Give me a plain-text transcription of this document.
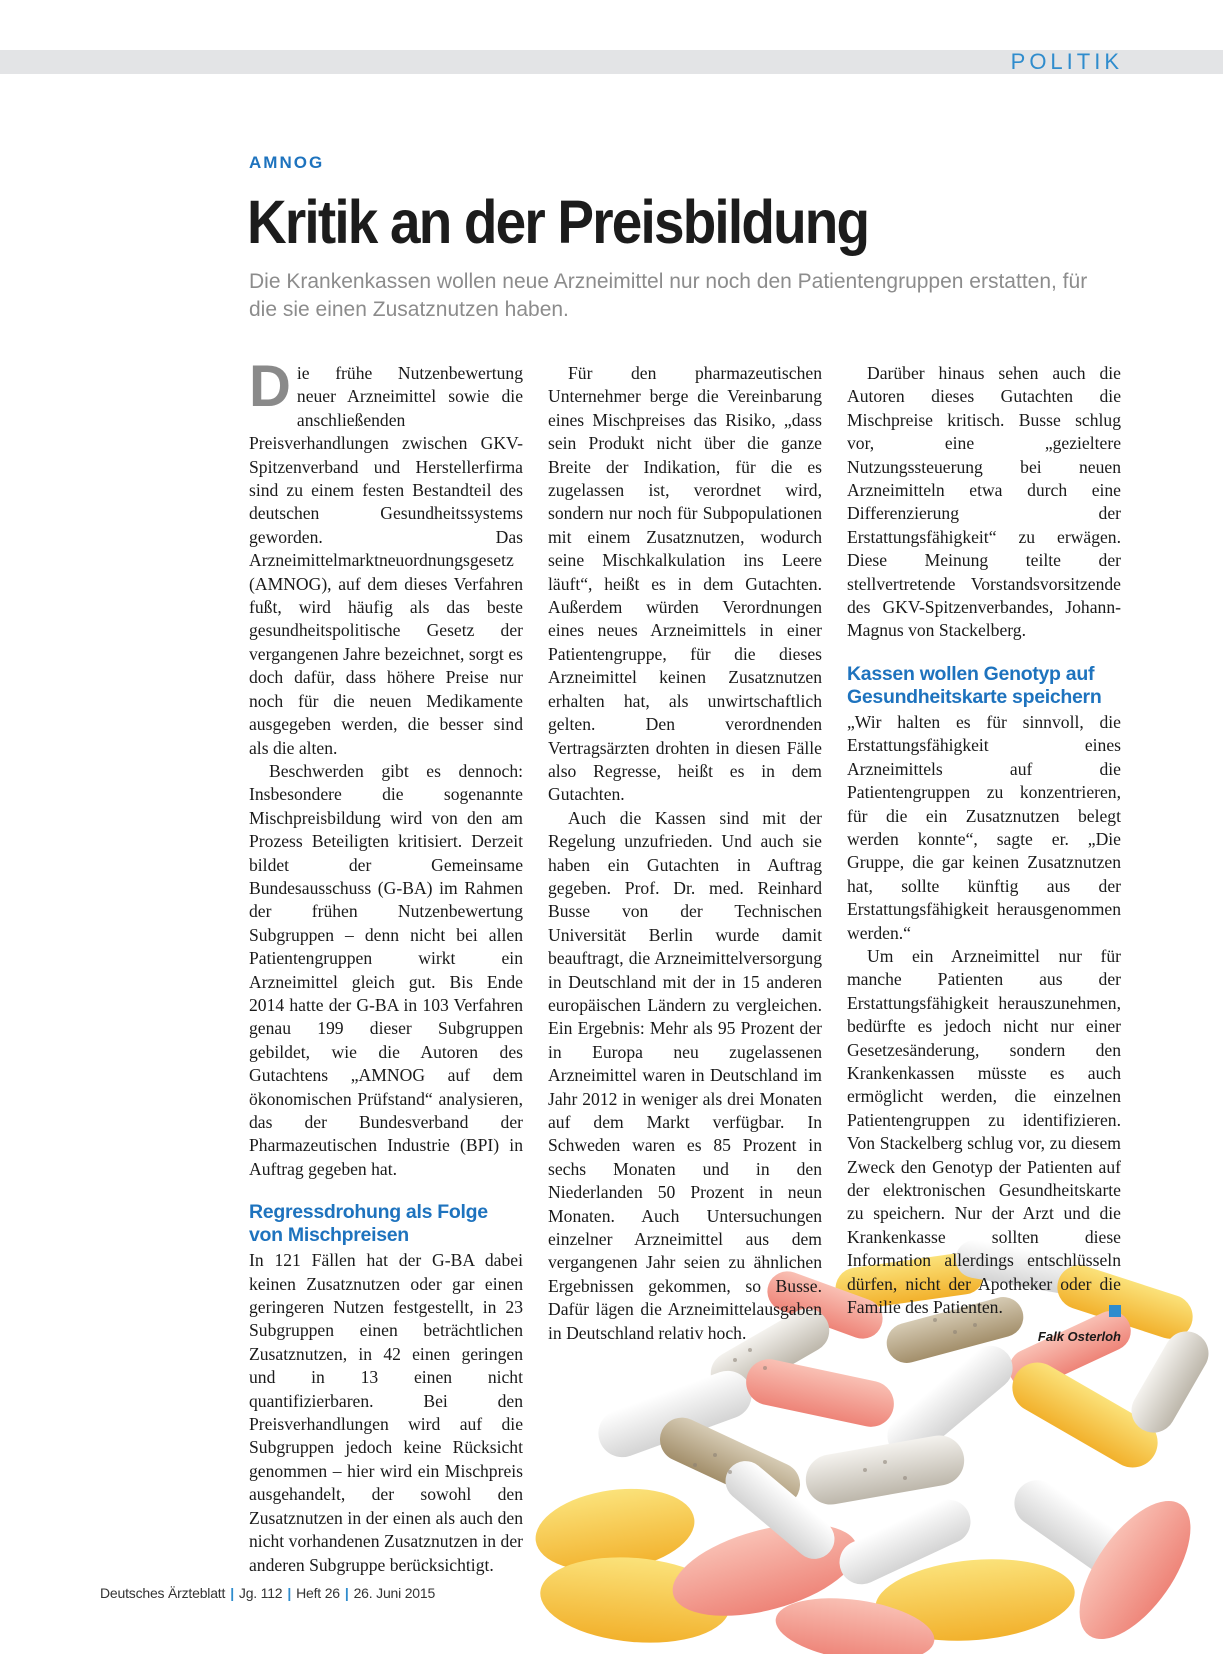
POLITIK
AMNOG
Kritik an der Preisbildung

Die Krankenkassen wollen neue Arzneimittel nur noch den Patientengruppen erstatten, für die sie einen Zusatznutzen haben.

Die frühe Nutzenbewertung neuer Arzneimittel sowie die anschließenden Preisverhandlungen zwischen GKV-Spitzenverband und Herstellerfirma sind zu einem festen Bestandteil des deutschen Gesundheitssystems geworden. Das Arzneimittelmarktneuordnungsgesetz (AMNOG), auf dem dieses Verfahren fußt, wird häufig als das beste gesundheitspolitische Gesetz der vergangenen Jahre bezeichnet, sorgt es doch dafür, dass höhere Preise nur noch für die neuen Medikamente ausgegeben werden, die besser sind als die alten.

Beschwerden gibt es dennoch: Insbesondere die sogenannte Mischpreisbildung wird von den am Prozess Beteiligten kritisiert. Derzeit bildet der Gemeinsame Bundesausschuss (G-BA) im Rahmen der frühen Nutzenbewertung Subgruppen – denn nicht bei allen Patientengruppen wirkt ein Arzneimittel gleich gut. Bis Ende 2014 hatte der G-BA in 103 Verfahren genau 199 dieser Subgruppen gebildet, wie die Autoren des Gutachtens „AMNOG auf dem ökonomischen Prüfstand“ analysieren, das der Bundesverband der Pharmazeutischen Industrie (BPI) in Auftrag gegeben hat.

Regressdrohung als Folge von Mischpreisen

In 121 Fällen hat der G-BA dabei keinen Zusatznutzen oder gar einen geringeren Nutzen festgestellt, in 23 Subgruppen einen beträchtlichen Zusatznutzen, in 42 einen geringen und in 13 einen nicht quantifizierbaren. Bei den Preisverhandlungen wird auf die Subgruppen jedoch keine Rücksicht genommen – hier wird ein Mischpreis ausgehandelt, der sowohl den Zusatznutzen in der einen als auch den nicht vorhandenen Zusatznutzen in der anderen Subgruppe berücksichtigt.

Für den pharmazeutischen Unternehmer berge die Vereinbarung eines Mischpreises das Risiko, „dass sein Produkt nicht über die ganze Breite der Indikation, für die es zugelassen ist, verordnet wird, sondern nur noch für Subpopulationen mit einem Zusatznutzen, wodurch seine Mischkalkulation ins Leere läuft“, heißt es in dem Gutachten. Außerdem würden Verordnungen eines neues Arzneimittels in einer Patientengruppe, für die dieses Arzneimittel keinen Zusatznutzen erhalten hat, als unwirtschaftlich gelten. Den verordnenden Vertragsärzten drohten in diesen Fälle also Regresse, heißt es in dem Gutachten.

Auch die Kassen sind mit der Regelung unzufrieden. Und auch sie haben ein Gutachten in Auftrag gegeben. Prof. Dr. med. Reinhard Busse von der Technischen Universität Berlin wurde damit beauftragt, die Arzneimittelversorgung in Deutschland mit der in 15 anderen europäischen Ländern zu vergleichen. Ein Ergebnis: Mehr als 95 Prozent der in Europa neu zugelassenen Arzneimittel waren in Deutschland im Jahr 2012 in weniger als drei Monaten auf dem Markt verfügbar. In Schweden waren es 85 Prozent in sechs Monaten und in den Niederlanden 50 Prozent in neun Monaten. Auch Untersuchungen einzelner Arzneimittel aus dem vergangenen Jahr seien zu ähnlichen Ergebnissen gekommen, so Busse. Dafür lägen die Arzneimittelausgaben in Deutschland relativ hoch.

Darüber hinaus sehen auch die Autoren dieses Gutachten die Mischpreise kritisch. Busse schlug vor, eine „gezieltere Nutzungssteuerung bei neuen Arzneimitteln etwa durch eine Differenzierung der Erstattungsfähigkeit“ zu erwägen. Diese Meinung teilte der stellvertretende Vorstandsvorsitzende des GKV-Spitzenverbandes, Johann-Magnus von Stackelberg.

Kassen wollen Genotyp auf Gesundheitskarte speichern

„Wir halten es für sinnvoll, die Erstattungsfähigkeit eines Arzneimittels auf die Patientengruppen zu konzentrieren, für die ein Zusatznutzen belegt werden konnte“, sagte er. „Die Gruppe, die gar keinen Zusatznutzen hat, sollte künftig aus der Erstattungsfähigkeit herausgenommen werden.“

Um ein Arzneimittel nur für manche Patienten aus der Erstattungsfähigkeit herauszunehmen, bedürfte es jedoch nicht nur einer Gesetzesänderung, sondern den Krankenkassen müsste es auch ermöglicht werden, die einzelnen Patientengruppen zu identifizieren. Von Stackelberg schlug vor, zu diesem Zweck den Genotyp der Patienten auf der elektronischen Gesundheitskarte zu speichern. Nur der Arzt und die Krankenkasse sollten diese Information allerdings entschlüsseln dürfen, nicht der Apotheker oder die Familie des Patienten.

Falk Osterloh
Deutsches Ärzteblatt | Jg. 112 | Heft 26 | 26. Juni 2015
